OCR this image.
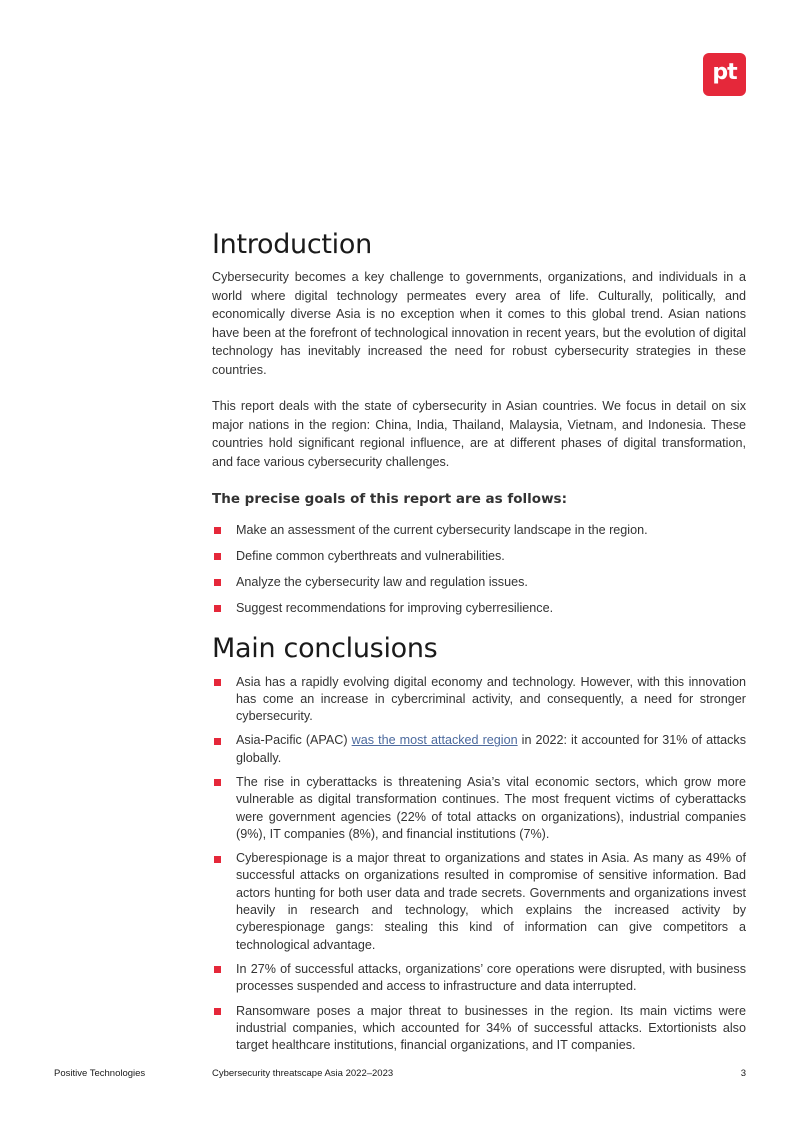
pt
Introduction

Cybersecurity becomes a key challenge to governments, organizations, and individuals in a world where digital technology permeates every area of life. Culturally, politically, and economically diverse Asia is no exception when it comes to this global trend. Asian nations have been at the forefront of technological innovation in recent years, but the evolution of digital technology has inevitably increased the need for robust cybersecurity strategies in these countries.

This report deals with the state of cybersecurity in Asian countries. We focus in detail on six major nations in the region: China, India, Thailand, Malaysia, Vietnam, and Indonesia. These countries hold significant regional influence, are at different phases of digital transformation, and face various cybersecurity challenges.

The precise goals of this report are as follows:
Make an assessment of the current cybersecurity landscape in the region.
Define common cyberthreats and vulnerabilities.
Analyze the cybersecurity law and regulation issues.
Suggest recommendations for improving cyberresilience.
Main conclusions
Asia has a rapidly evolving digital economy and technology. However, with this innovation has come an increase in cybercriminal activity, and consequently, a need for stronger cybersecurity.
Asia-Pacific (APAC) was the most attacked region in 2022: it accounted for 31% of attacks globally.
The rise in cyberattacks is threatening Asia’s vital economic sectors, which grow more vulnerable as digital transformation continues. The most frequent victims of cyberattacks were government agencies (22% of total attacks on organizations), industrial companies (9%), IT companies (8%), and financial institutions (7%).
Cyberespionage is a major threat to organizations and states in Asia. As many as 49% of successful attacks on organizations resulted in compromise of sensitive information. Bad actors hunting for both user data and trade secrets. Governments and organizations invest heavily in research and technology, which explains the increased activity by cyberespionage gangs: stealing this kind of information can give competitors a technological advantage.
In 27% of successful attacks, organizations’ core operations were disrupted, with business processes suspended and access to infrastructure and data interrupted.
Ransomware poses a major threat to businesses in the region. Its main victims were industrial companies, which accounted for 34% of successful attacks. Extortionists also target healthcare institutions, financial organizations, and IT companies.
Positive Technologies	Cybersecurity threatscape Asia 2022–2023	3
